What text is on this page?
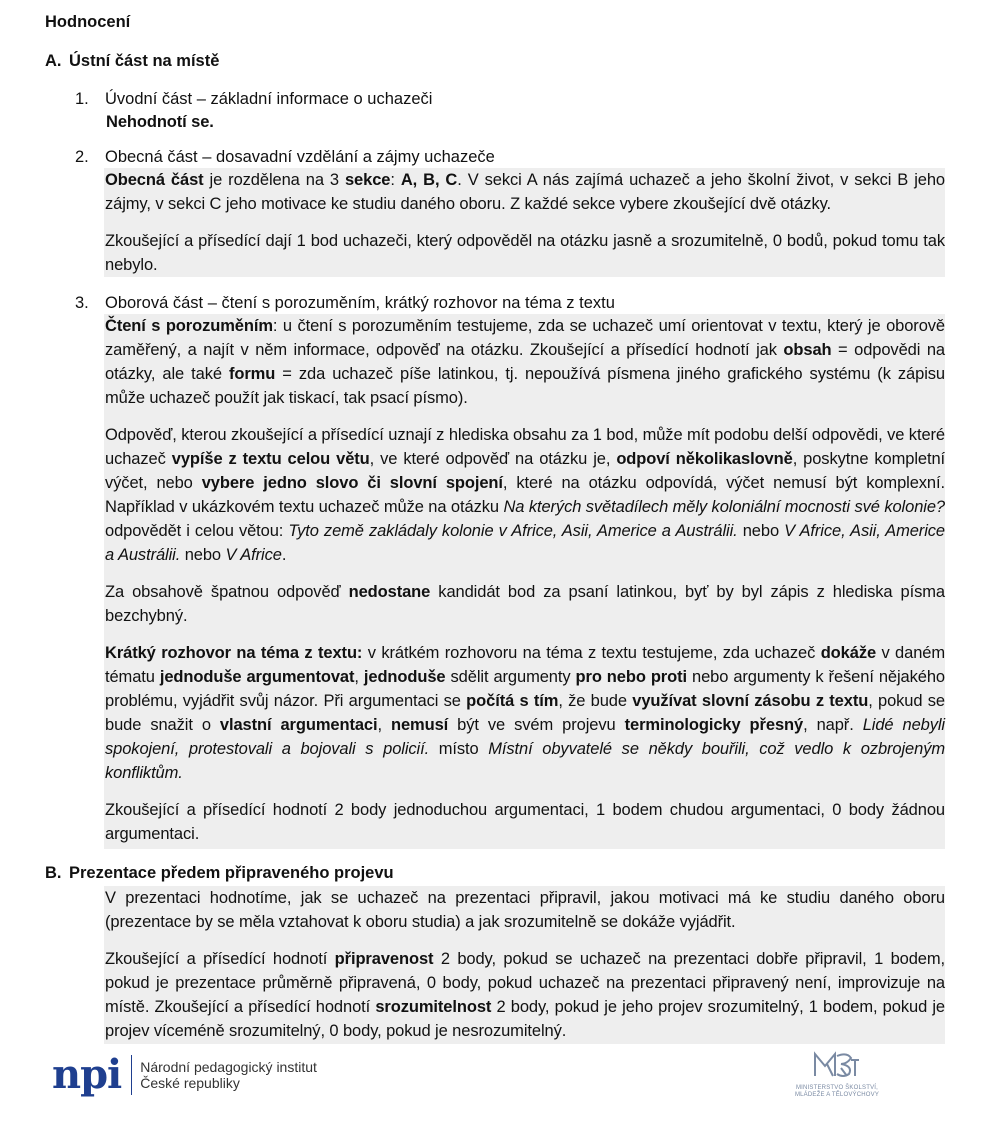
Hodnocení
A. Ústní část na místě
1. Úvodní část – základní informace o uchazeči

Nehodnotí se.

2. Obecná část – dosavadní vzdělání a zájmy uchazeče

Obecná část je rozdělena na 3 sekce: A, B, C. V sekci A nás zajímá uchazeč a jeho školní život, v sekci B jeho zájmy, v sekci C jeho motivace ke studiu daného oboru. Z každé sekce vybere zkoušející dvě otázky.

Zkoušející a přísedící dají 1 bod uchazeči, který odpověděl na otázku jasně a srozumitelně, 0 bodů, pokud tomu tak nebylo.

3. Oborová část – čtení s porozuměním, krátký rozhovor na téma z textu

Čtení s porozuměním: u čtení s porozuměním testujeme, zda se uchazeč umí orientovat v textu, který je oborově zaměřený, a najít v něm informace, odpověď na otázku. Zkoušející a přísedící hodnotí jak obsah = odpovědi na otázky, ale také formu = zda uchazeč píše latinkou, tj. nepoužívá písmena jiného grafického systému (k zápisu může uchazeč použít jak tiskací, tak psací písmo).

Odpověď, kterou zkoušející a přísedící uznají z hlediska obsahu za 1 bod, může mít podobu delší odpovědi, ve které uchazeč vypíše z textu celou větu, ve které odpověď na otázku je, odpoví několikaslovně, poskytne kompletní výčet, nebo vybere jedno slovo či slovní spojení, které na otázku odpovídá, výčet nemusí být komplexní. Například v ukázkovém textu uchazeč může na otázku Na kterých světadílech měly koloniální mocnosti své kolonie? odpovědět i celou větou: Tyto země zakládaly kolonie v Africe, Asii, Americe a Austrálii. nebo V Africe, Asii, Americe a Austrálii. nebo V Africe.

Za obsahově špatnou odpověď nedostane kandidát bod za psaní latinkou, byť by byl zápis z hlediska písma bezchybný.

Krátký rozhovor na téma z textu: v krátkém rozhovoru na téma z textu testujeme, zda uchazeč dokáže v daném tématu jednoduše argumentovat, jednoduše sdělit argumenty pro nebo proti nebo argumenty k řešení nějakého problému, vyjádřit svůj názor. Při argumentaci se počítá s tím, že bude využívat slovní zásobu z textu, pokud se bude snažit o vlastní argumentaci, nemusí být ve svém projevu terminologicky přesný, např. Lidé nebyli spokojení, protestovali a bojovali s policií. místo Místní obyvatelé se někdy bouřili, což vedlo k ozbrojeným konfliktům.

Zkoušející a přísedící hodnotí 2 body jednoduchou argumentaci, 1 bodem chudou argumentaci, 0 body žádnou argumentaci.

B. Prezentace předem připraveného projevu

V prezentaci hodnotíme, jak se uchazeč na prezentaci připravil, jakou motivaci má ke studiu daného oboru (prezentace by se měla vztahovat k oboru studia) a jak srozumitelně se dokáže vyjádřit.

Zkoušející a přísedící hodnotí připravenost 2 body, pokud se uchazeč na prezentaci dobře připravil, 1 bodem, pokud je prezentace průměrně připravená, 0 body, pokud uchazeč na prezentaci připravený není, improvizuje na místě. Zkoušející a přísedící hodnotí srozumitelnost 2 body, pokud je jeho projev srozumitelný, 1 bodem, pokud je projev víceméně srozumitelný, 0 body, pokud je nesrozumitelný.

npi Národní pedagogický institut
České republiky	MINISTERSTVO ŠKOLSTVÍ,
MLÁDEŽE A TĚLOVÝCHOVY
